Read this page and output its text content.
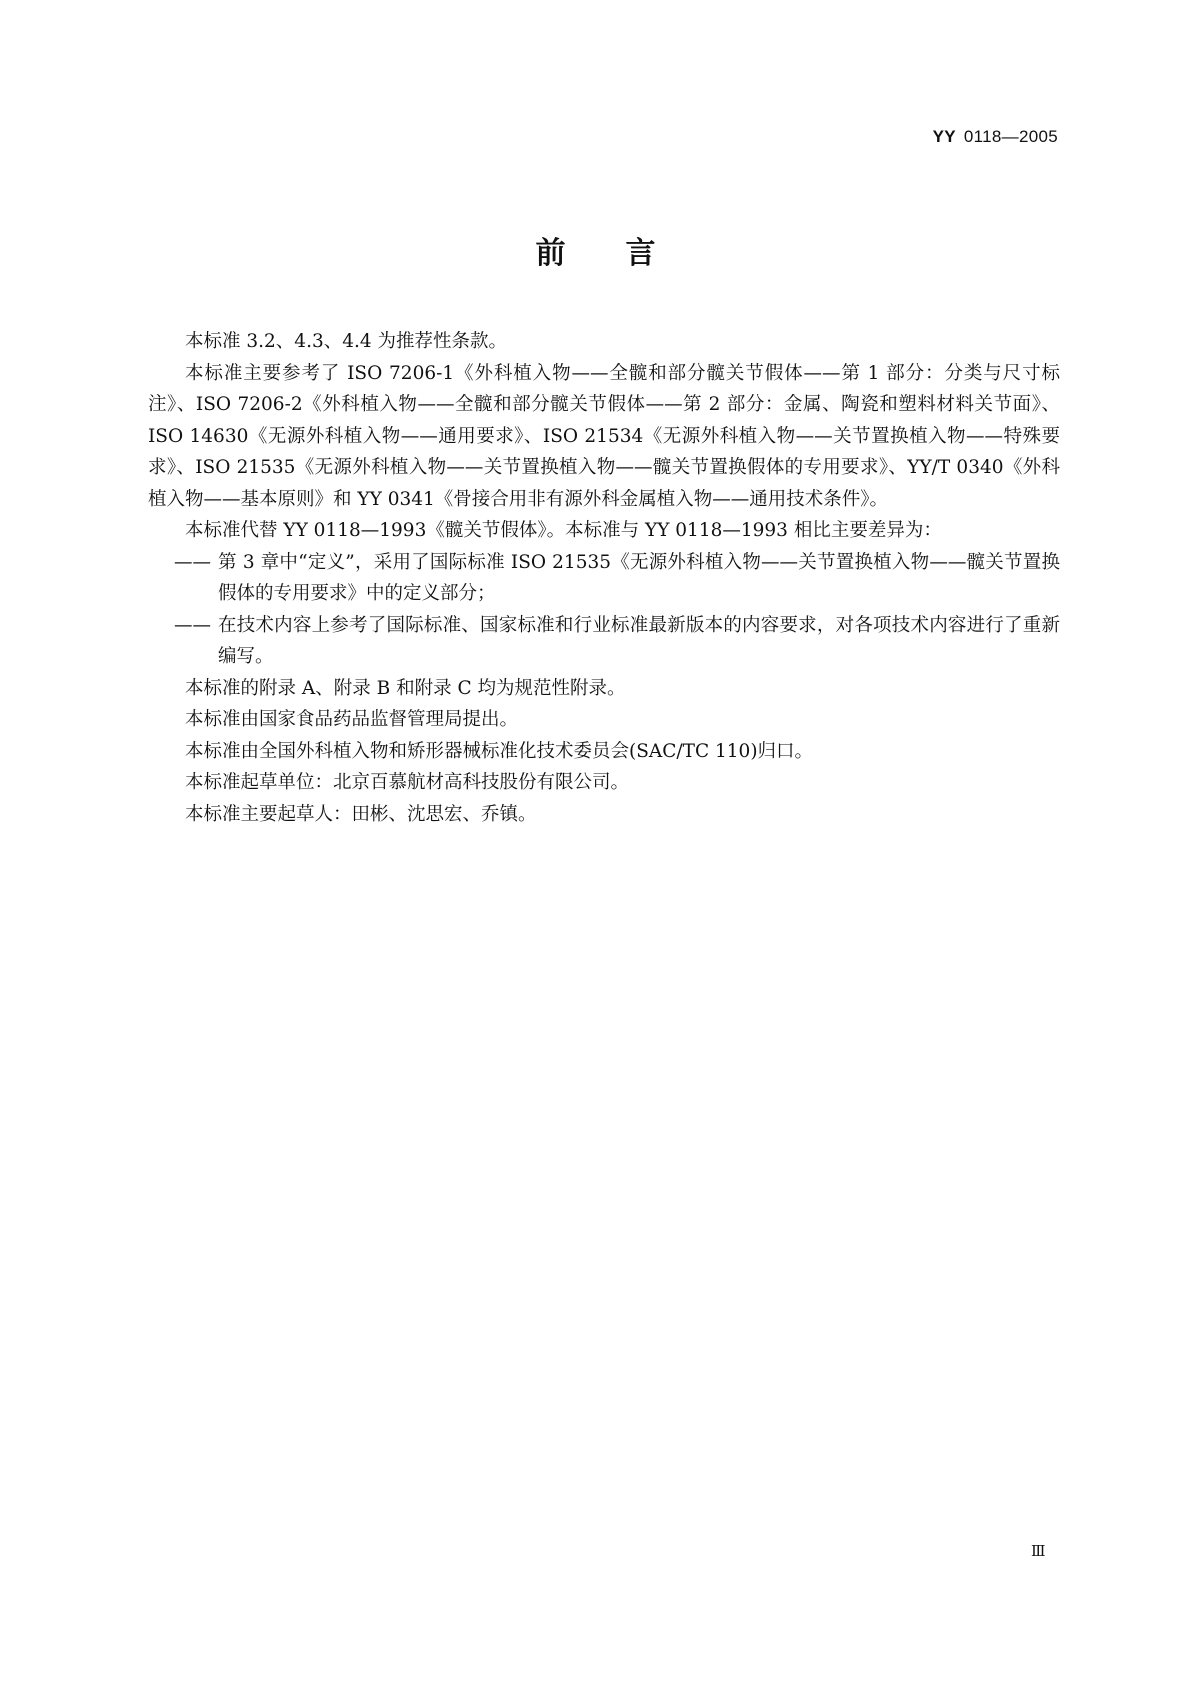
YY 0118—2005
前言

本标准 3.2、4.3、4.4 为推荐性条款。

本标准主要参考了 ISO 7206-1《外科植入物——全髋和部分髋关节假体——第 1 部分：分类与尺寸标注》、ISO 7206-2《外科植入物——全髋和部分髋关节假体——第 2 部分：金属、陶瓷和塑料材料关节面》、ISO 14630《无源外科植入物——通用要求》、ISO 21534《无源外科植入物——关节置换植入物——特殊要求》、ISO 21535《无源外科植入物——关节置换植入物——髋关节置换假体的专用要求》、YY/T 0340《外科植入物——基本原则》和 YY 0341《骨接合用非有源外科金属植入物——通用技术条件》。

本标准代替 YY 0118—1993《髋关节假体》。本标准与 YY 0118—1993 相比主要差异为：

—— 第 3 章中“定义”，采用了国际标准 ISO 21535《无源外科植入物——关节置换植入物——髋关节置换假体的专用要求》中的定义部分；

—— 在技术内容上参考了国际标准、国家标准和行业标准最新版本的内容要求，对各项技术内容进行了重新编写。

本标准的附录 A、附录 B 和附录 C 均为规范性附录。

本标准由国家食品药品监督管理局提出。

本标准由全国外科植入物和矫形器械标准化技术委员会(SAC/TC 110)归口。

本标准起草单位：北京百慕航材高科技股份有限公司。

本标准主要起草人：田彬、沈思宏、乔镇。

Ⅲ
